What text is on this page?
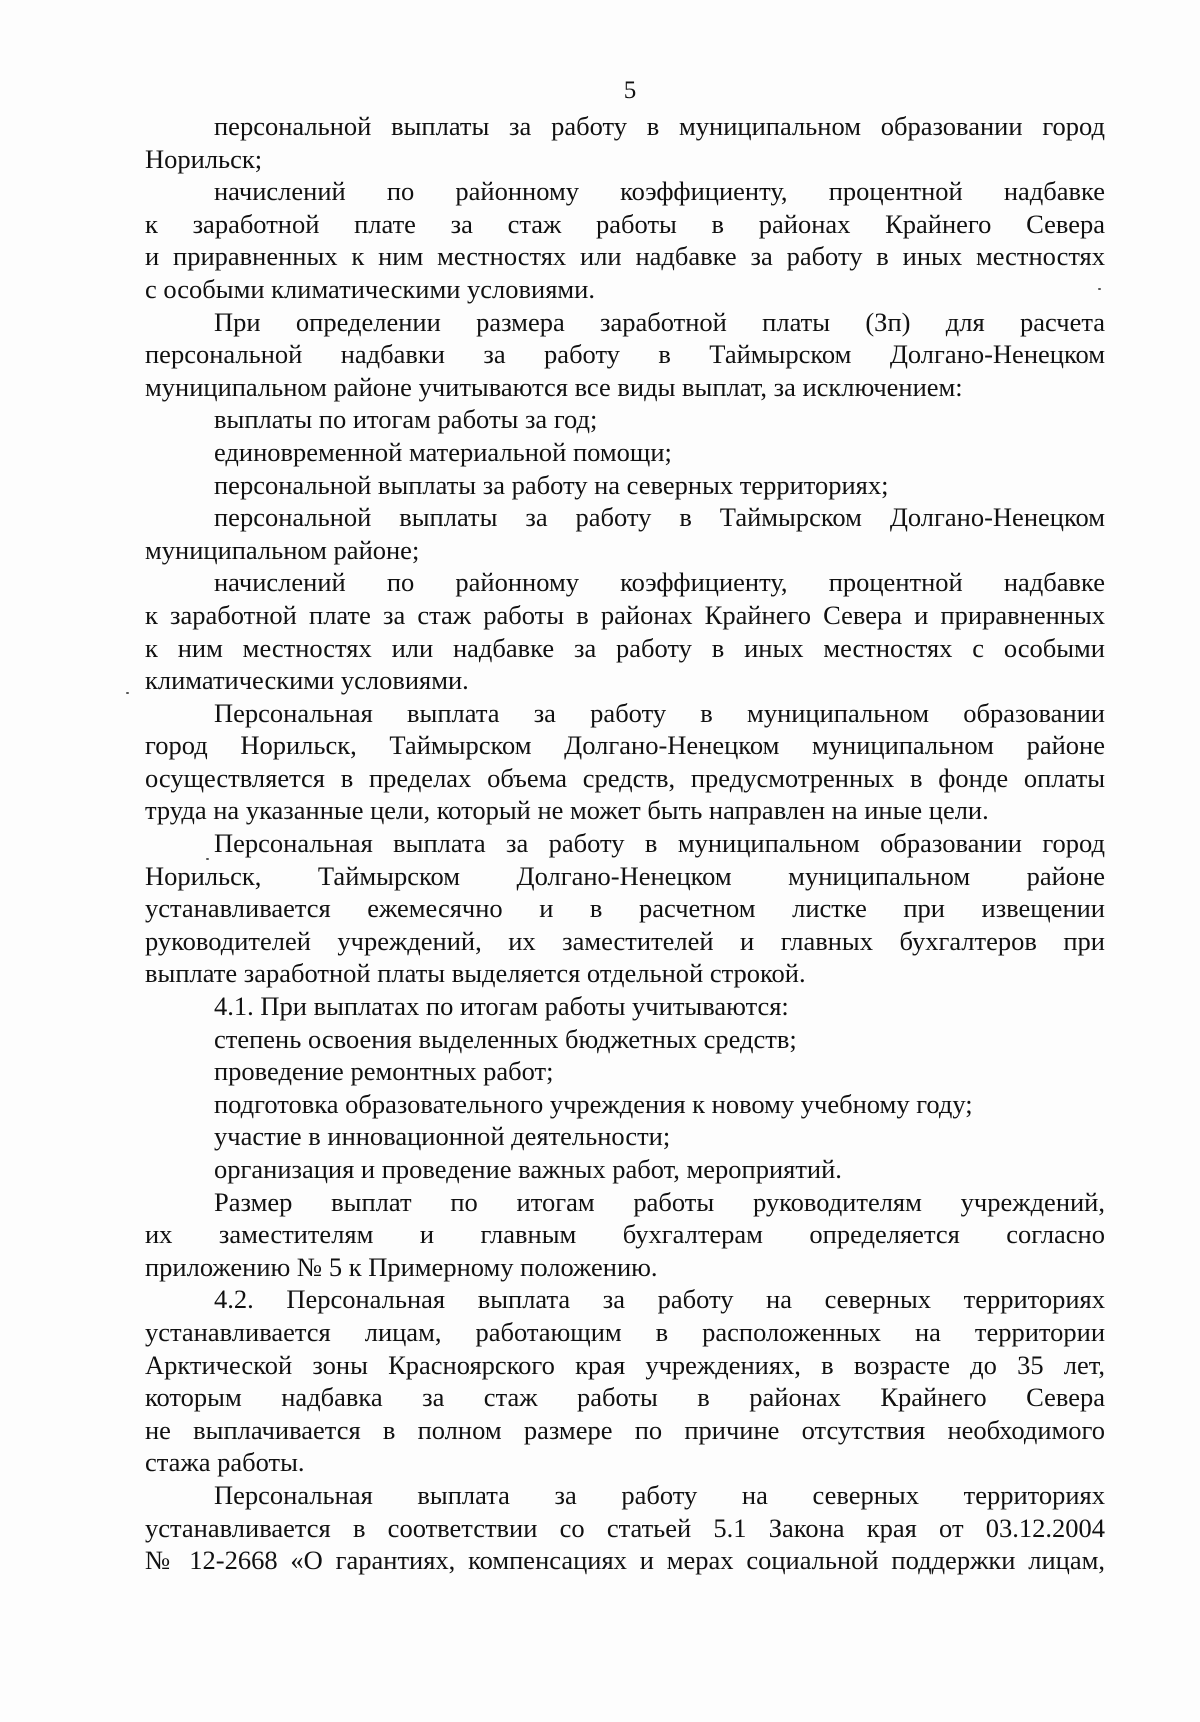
5
персональной выплаты за работу в муниципальном образовании город
Норильск;
начислений по районному коэффициенту, процентной надбавке
к заработной плате за стаж работы в районах Крайнего Севера
и приравненных к ним местностях или надбавке за работу в иных местностях
с особыми климатическими условиями.
При определении размера заработной платы (Зп) для расчета
персональной надбавки за работу в Таймырском Долгано-Ненецком
муниципальном районе учитываются все виды выплат, за исключением:
выплаты по итогам работы за год;
единовременной материальной помощи;
персональной выплаты за работу на северных территориях;
персональной выплаты за работу в Таймырском Долгано-Ненецком
муниципальном районе;
начислений по районному коэффициенту, процентной надбавке
к заработной плате за стаж работы в районах Крайнего Севера и приравненных
к ним местностях или надбавке за работу в иных местностях с особыми
климатическими условиями.
Персональная выплата за работу в муниципальном образовании
город Норильск, Таймырском Долгано-Ненецком муниципальном районе
осуществляется в пределах объема средств, предусмотренных в фонде оплаты
труда на указанные цели, который не может быть направлен на иные цели.
Персональная выплата за работу в муниципальном образовании город
Норильск, Таймырском Долгано-Ненецком муниципальном районе
устанавливается ежемесячно и в расчетном листке при извещении
руководителей учреждений, их заместителей и главных бухгалтеров при
выплате заработной платы выделяется отдельной строкой.
4.1. При выплатах по итогам работы учитываются:
степень освоения выделенных бюджетных средств;
проведение ремонтных работ;
подготовка образовательного учреждения к новому учебному году;
участие в инновационной деятельности;
организация и проведение важных работ, мероприятий.
Размер выплат по итогам работы руководителям учреждений,
их заместителям и главным бухгалтерам определяется согласно
приложению № 5 к Примерному положению.
4.2. Персональная выплата за работу на северных территориях
устанавливается лицам, работающим в расположенных на территории
Арктической зоны Красноярского края учреждениях, в возрасте до 35 лет,
которым надбавка за стаж работы в районах Крайнего Севера
не выплачивается в полном размере по причине отсутствия необходимого
стажа работы.
Персональная выплата за работу на северных территориях
устанавливается в соответствии со статьей 5.1 Закона края от 03.12.2004
№ 12-2668 «О гарантиях, компенсациях и мерах социальной поддержки лицам,
